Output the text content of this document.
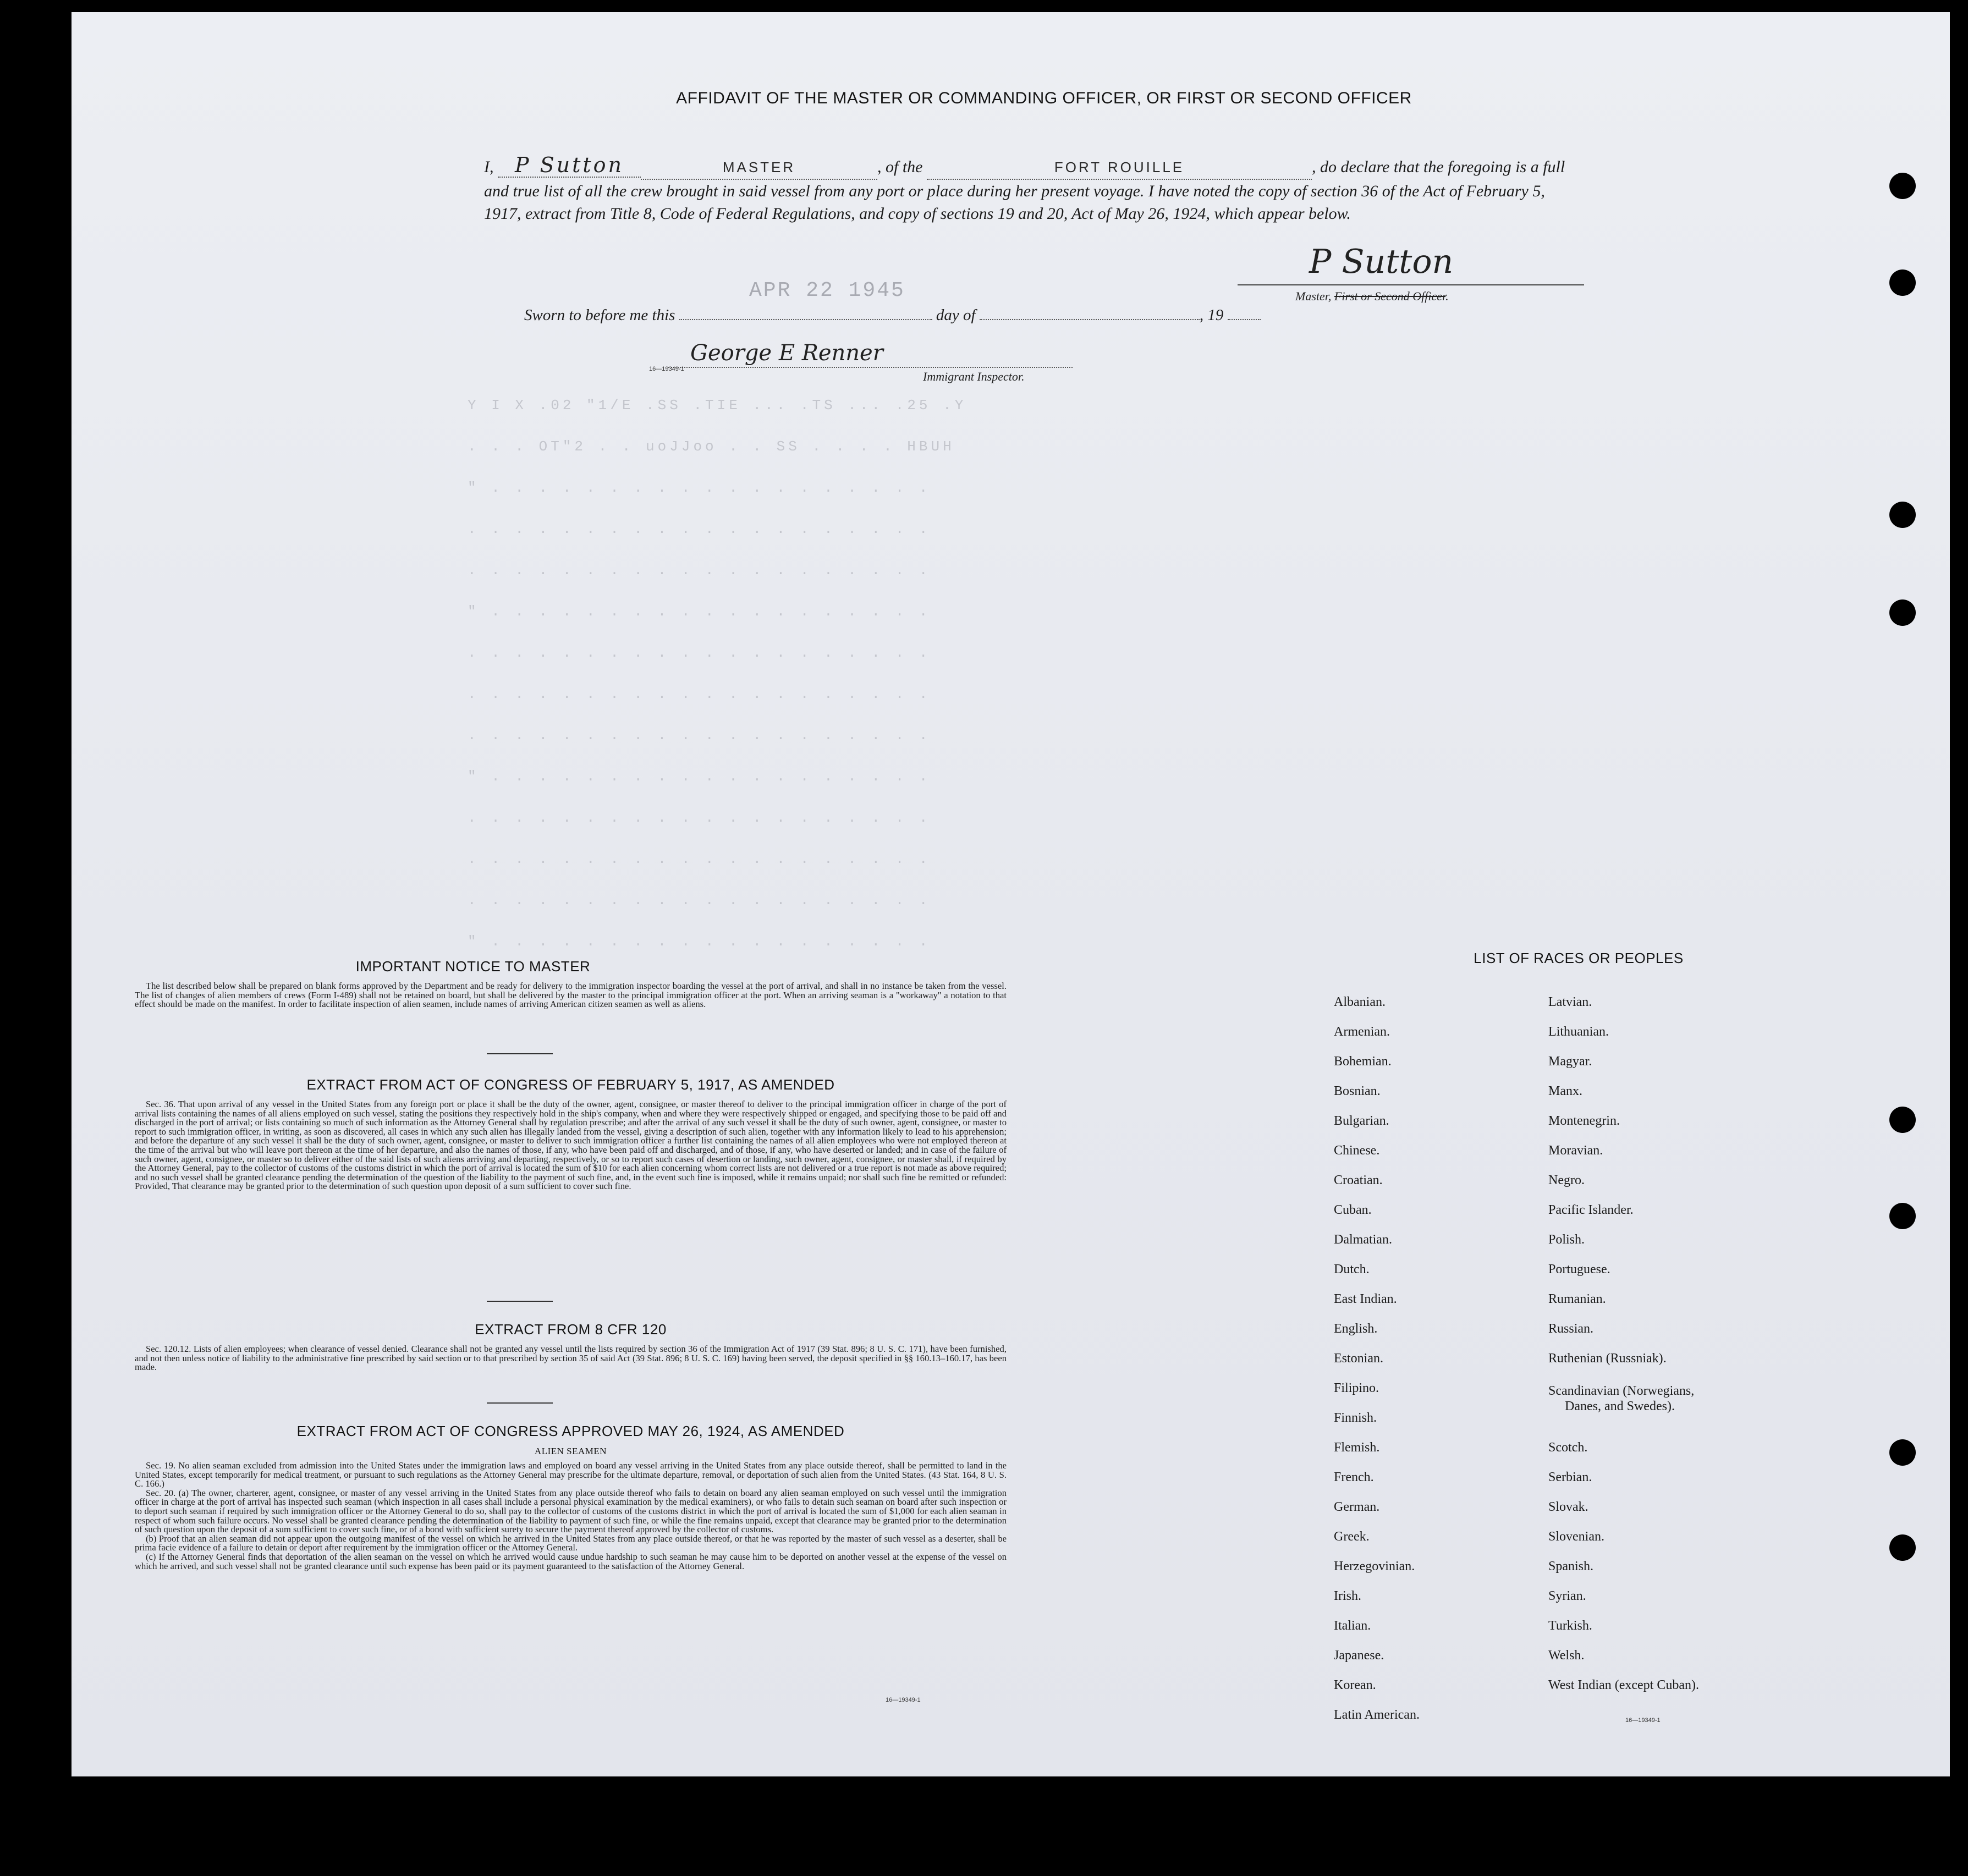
Y I X .02 "1/E .SS .TIE ... .TS ... .25 .Y
. . . OT"2 . . uoJJoo . . SS . . . . HBUH
" . . . . . . . . . . . . . . . . . . .
. . . . . . . . . . . . . . . . . . . .
. . . . . . . . . . . . . . . . . . . .
" . . . . . . . . . . . . . . . . . . .
. . . . . . . . . . . . . . . . . . . .
. . . . . . . . . . . . . . . . . . . .
. . . . . . . . . . . . . . . . . . . .
" . . . . . . . . . . . . . . . . . . .
. . . . . . . . . . . . . . . . . . . .
. . . . . . . . . . . . . . . . . . . .
. . . . . . . . . . . . . . . . . . . .
" . . . . . . . . . . . . . . . . . . .
AFFIDAVIT OF THE MASTER OR COMMANDING OFFICER, OR FIRST OR SECOND OFFICER
I, P Sutton	MASTER	, of the	FORT ROUILLE	, do declare that the foregoing is a full and true list of all the crew brought in said vessel from any port or place during her present voyage. I have noted the copy of section 36 of the Act of February 5, 1917, extract from Title 8, Code of Federal Regulations, and copy of sections 19 and 20, Act of May 26, 1924, which appear below.
APR 22 1945
P Sutton
Master, First or Second Officer.
Sworn to before me this	day of	, 19
George E Renner
16—19349-1
Immigrant Inspector.
IMPORTANT NOTICE TO MASTER

The list described below shall be prepared on blank forms approved by the Department and be ready for delivery to the immigration inspector boarding the vessel at the port of arrival, and shall in no instance be taken from the vessel. The list of changes of alien members of crews (Form I-489) shall not be retained on board, but shall be delivered by the master to the principal immigration officer at the port. When an arriving seaman is a "workaway" a notation to that effect should be made on the manifest. In order to facilitate inspection of alien seamen, include names of arriving American citizen seamen as well as aliens.

EXTRACT FROM ACT OF CONGRESS OF FEBRUARY 5, 1917, AS AMENDED

Sec. 36. That upon arrival of any vessel in the United States from any foreign port or place it shall be the duty of the owner, agent, consignee, or master thereof to deliver to the principal immigration officer in charge of the port of arrival lists containing the names of all aliens employed on such vessel, stating the positions they respectively hold in the ship's company, when and where they were respectively shipped or engaged, and specifying those to be paid off and discharged in the port of arrival; or lists containing so much of such information as the Attorney General shall by regulation prescribe; and after the arrival of any such vessel it shall be the duty of such owner, agent, consignee, or master to report to such immigration officer, in writing, as soon as discovered, all cases in which any such alien has illegally landed from the vessel, giving a description of such alien, together with any information likely to lead to his apprehension; and before the departure of any such vessel it shall be the duty of such owner, agent, consignee, or master to deliver to such immigration officer a further list containing the names of all alien employees who were not employed thereon at the time of the arrival but who will leave port thereon at the time of her departure, and also the names of those, if any, who have been paid off and discharged, and of those, if any, who have deserted or landed; and in case of the failure of such owner, agent, consignee, or master so to deliver either of the said lists of such aliens arriving and departing, respectively, or so to report such cases of desertion or landing, such owner, agent, consignee, or master shall, if required by the Attorney General, pay to the collector of customs of the customs district in which the port of arrival is located the sum of $10 for each alien concerning whom correct lists are not delivered or a true report is not made as above required; and no such vessel shall be granted clearance pending the determination of the question of the liability to the payment of such fine, and, in the event such fine is imposed, while it remains unpaid; nor shall such fine be remitted or refunded: Provided, That clearance may be granted prior to the determination of such question upon deposit of a sum sufficient to cover such fine.

EXTRACT FROM 8 CFR 120

Sec. 120.12. Lists of alien employees; when clearance of vessel denied. Clearance shall not be granted any vessel until the lists required by section 36 of the Immigration Act of 1917 (39 Stat. 896; 8 U. S. C. 171), have been furnished, and not then unless notice of liability to the administrative fine prescribed by said section or to that prescribed by section 35 of said Act (39 Stat. 896; 8 U. S. C. 169) having been served, the deposit specified in §§ 160.13–160.17, has been made.

EXTRACT FROM ACT OF CONGRESS APPROVED MAY 26, 1924, AS AMENDED
ALIEN SEAMEN

Sec. 19. No alien seaman excluded from admission into the United States under the immigration laws and employed on board any vessel arriving in the United States from any place outside thereof, shall be permitted to land in the United States, except temporarily for medical treatment, or pursuant to such regulations as the Attorney General may prescribe for the ultimate departure, removal, or deportation of such alien from the United States. (43 Stat. 164, 8 U. S. C. 166.)

Sec. 20. (a) The owner, charterer, agent, consignee, or master of any vessel arriving in the United States from any place outside thereof who fails to detain on board any alien seaman employed on such vessel until the immigration officer in charge at the port of arrival has inspected such seaman (which inspection in all cases shall include a personal physical examination by the medical examiners), or who fails to detain such seaman on board after such inspection or to deport such seaman if required by such immigration officer or the Attorney General to do so, shall pay to the collector of customs of the customs district in which the port of arrival is located the sum of $1,000 for each alien seaman in respect of whom such failure occurs. No vessel shall be granted clearance pending the determination of the liability to payment of such fine, or while the fine remains unpaid, except that clearance may be granted prior to the determination of such question upon the deposit of a sum sufficient to cover such fine, or of a bond with sufficient surety to secure the payment thereof approved by the collector of customs.

(b) Proof that an alien seaman did not appear upon the outgoing manifest of the vessel on which he arrived in the United States from any place outside thereof, or that he was reported by the master of such vessel as a deserter, shall be prima facie evidence of a failure to detain or deport after requirement by the immigration officer or the Attorney General.

(c) If the Attorney General finds that deportation of the alien seaman on the vessel on which he arrived would cause undue hardship to such seaman he may cause him to be deported on another vessel at the expense of the vessel on which he arrived, and such vessel shall not be granted clearance until such expense has been paid or its payment guaranteed to the satisfaction of the Attorney General.

16—19349-1
LIST OF RACES OR PEOPLES
Albanian.
Armenian.
Bohemian.
Bosnian.
Bulgarian.
Chinese.
Croatian.
Cuban.
Dalmatian.
Dutch.
East Indian.
English.
Estonian.
Filipino.
Finnish.
Flemish.
French.
German.
Greek.
Herzegovinian.
Irish.
Italian.
Japanese.
Korean.
Latin American.
Latvian.
Lithuanian.
Magyar.
Manx.
Montenegrin.
Moravian.
Negro.
Pacific Islander.
Polish.
Portuguese.
Rumanian.
Russian.
Ruthenian (Russniak).
Scandinavian (Norwegians,
Danes, and Swedes).
Scotch.
Serbian.
Slovak.
Slovenian.
Spanish.
Syrian.
Turkish.
Welsh.
West Indian (except Cuban).
16—19349-1
